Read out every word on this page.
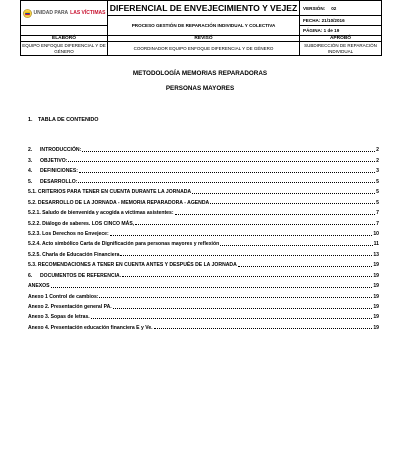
UNIDAD PARA LAS VÍCTIMAS	DIFERENCIAL DE ENVEJECIMIENTO Y VEJEZ	VERSIÓN: 02
	PROCESO GESTIÓN DE REPARACIÓN INDIVIDUAL Y COLECTIVA	FECHA: 21/10/2016
		PÁGINA: 1 de 19
ELABORÓ	REVISÓ	APROBÓ
EQUIPO ENFOQUE DIFERENCIAL Y DE GÉNERO	COORDINADOR EQUIPO ENFOQUE DIFERENCIAL Y DE GÉNERO	SUBDIRECCIÓN DE REPARACIÓN INDIVIDUAL
METODOLOGÍA MEMORIAS REPARADORAS
PERSONAS MAYORES
1. TABLA DE CONTENIDO
2.	INTRODUCCIÓN:	2
3.	OBJETIVO:	2
4.	DEFINICIONES:	3
5.	DESARROLLO:	5
5.1. CRITERIOS PARA TENER EN CUENTA DURANTE LA JORNADA	5
5.2. DESARROLLO DE LA JORNADA - MEMORIA REPARADORA - AGENDA	5
5.2.1. Saludo de bienvenida y acogida a víctimas asistentes:	7
5.2.2. Diálogo de saberes. LOS CINCO MÁS,	7
5.2.3. Los Derechos no Envejece:	10
5.2.4. Acto simbólico Carta de Dignificación para personas mayores y reflexión	11
5.2.5. Charla de Educación Financiera	13
5.3. RECOMENDACIONES A TENER EN CUENTA ANTES Y DESPUÉS DE LA JORNADA	19
6.	DOCUMENTOS DE REFERENCIA.	19
ANEXOS	19
Anexo 1 Control de cambios:	19
Anexo 2. Presentación general PA.	19
Anexo 3. Sopas de letras.	19
Anexo 4. Presentación educación financiera E y Ve.	19
